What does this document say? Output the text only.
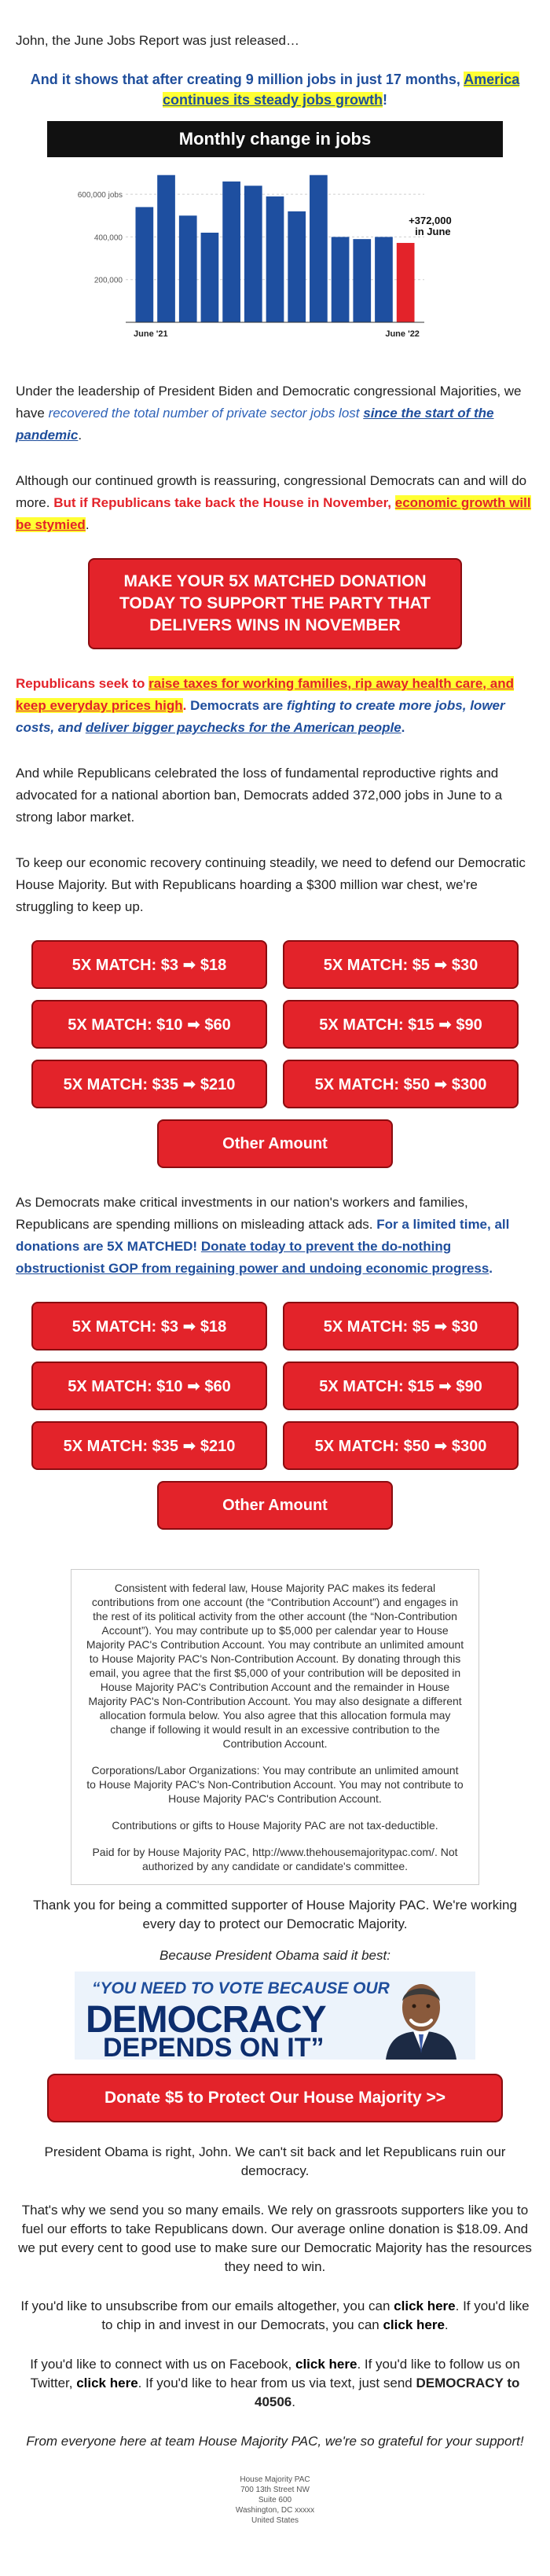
John, the June Jobs Report was just released…

And it shows that after creating 9 million jobs in just 17 months, America continues its steady jobs growth!

Monthly change in jobs
200,000
400,000
600,000 jobs
June '21	June '22
+372,000
in June

Under the leadership of President Biden and Democratic congressional Majorities, we have recovered the total number of private sector jobs lost since the start of the pandemic.

Although our continued growth is reassuring, congressional Democrats can and will do more. But if Republicans take back the House in November, economic growth will be stymied.

MAKE YOUR 5X MATCHED DONATION TODAY TO SUPPORT THE PARTY THAT DELIVERS WINS IN NOVEMBER

Republicans seek to raise taxes for working families, rip away health care, and keep everyday prices high. Democrats are fighting to create more jobs, lower costs, and deliver bigger paychecks for the American people.

And while Republicans celebrated the loss of fundamental reproductive rights and advocated for a national abortion ban, Democrats added 372,000 jobs in June to a strong labor market.

To keep our economic recovery continuing steadily, we need to defend our Democratic House Majority. But with Republicans hoarding a $300 million war chest, we're struggling to keep up.

5X MATCH: $3 ➡ $18	5X MATCH: $5 ➡ $30
5X MATCH: $10 ➡ $60	5X MATCH: $15 ➡ $90
5X MATCH: $35 ➡ $210	5X MATCH: $50 ➡ $300
Other Amount

As Democrats make critical investments in our nation's workers and families, Republicans are spending millions on misleading attack ads. For a limited time, all donations are 5X MATCHED! Donate today to prevent the do-nothing obstructionist GOP from regaining power and undoing economic progress.

5X MATCH: $3 ➡ $18	5X MATCH: $5 ➡ $30
5X MATCH: $10 ➡ $60	5X MATCH: $15 ➡ $90
5X MATCH: $35 ➡ $210	5X MATCH: $50 ➡ $300
Other Amount

Consistent with federal law, House Majority PAC makes its federal contributions from one account (the “Contribution Account”) and engages in the rest of its political activity from the other account (the “Non-Contribution Account”). You may contribute up to $5,000 per calendar year to House Majority PAC's Contribution Account. You may contribute an unlimited amount to House Majority PAC's Non-Contribution Account. By donating through this email, you agree that the first $5,000 of your contribution will be deposited in House Majority PAC's Contribution Account and the remainder in House Majority PAC's Non-Contribution Account. You may also designate a different allocation formula below. You also agree that this allocation formula may change if following it would result in an excessive contribution to the Contribution Account.

Corporations/Labor Organizations: You may contribute an unlimited amount to House Majority PAC's Non-Contribution Account. You may not contribute to House Majority PAC's Contribution Account.

Contributions or gifts to House Majority PAC are not tax-deductible.

Paid for by House Majority PAC, http://www.thehousemajoritypac.com/. Not authorized by any candidate or candidate's committee.

Thank you for being a committed supporter of House Majority PAC. We're working every day to protect our Democratic Majority.

Because President Obama said it best:

“YOU NEED TO VOTE BECAUSE OUR
DEMOCRACY
DEPENDS ON IT”
Donate $5 to Protect Our House Majority >>

President Obama is right, John. We can't sit back and let Republicans ruin our democracy.

That's why we send you so many emails. We rely on grassroots supporters like you to fuel our efforts to take Republicans down. Our average online donation is $18.09. And we put every cent to good use to make sure our Democratic Majority has the resources they need to win.

If you'd like to unsubscribe from our emails altogether, you can click here. If you'd like to chip in and invest in our Democrats, you can click here.

If you'd like to connect with us on Facebook, click here. If you'd like to follow us on Twitter, click here. If you'd like to hear from us via text, just send DEMOCRACY to 40506.

From everyone here at team House Majority PAC, we're so grateful for your support!

House Majority PAC
700 13th Street NW
Suite 600
Washington, DC xxxxx
United States
